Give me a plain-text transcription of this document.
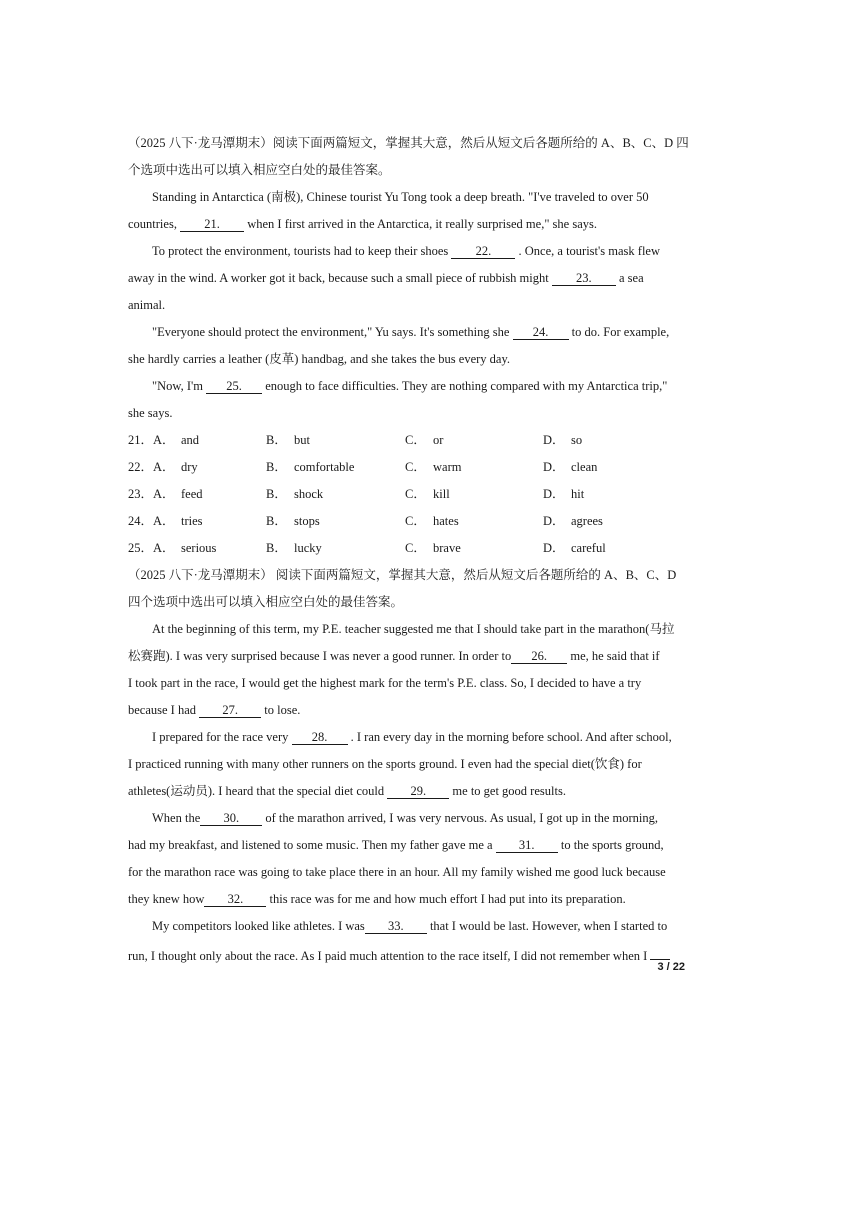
（2025 八下·龙马潭期末）阅读下面两篇短文，掌握其大意，然后从短文后各题所给的 A、B、C、D 四
个选项中选出可以填入相应空白处的最佳答案。
Standing in Antarctica (南极), Chinese tourist Yu Tong took a deep breath. "I've traveled to over 50
countries, 21. when I first arrived in the Antarctica, it really surprised me," she says.
To protect the environment, tourists had to keep their shoes 22. . Once, a tourist's mask flew
away in the wind. A worker got it back, because such a small piece of rubbish might 23. a sea
animal.
"Everyone should protect the environment," Yu says. It's something she 24. to do. For example,
she hardly carries a leather (皮革) handbag, and she takes the bus every day.
"Now, I'm 25. enough to face difficulties. They are nothing compared with my Antarctica trip,"
she says.
21． A． and	B． but	C． or	D． so
22． A． dry	B． comfortable	C． warm	D． clean
23． A． feed	B． shock	C． kill	D． hit
24． A． tries	B． stops	C． hates	D． agrees
25． A． serious	B． lucky	C． brave	D． careful
（2025 八下·龙马潭期末） 阅读下面两篇短文，掌握其大意，然后从短文后各题所给的 A、B、C、D
四个选项中选出可以填入相应空白处的最佳答案。
At the beginning of this term, my P.E. teacher suggested me that I should take part in the marathon(马拉
松赛跑). I was very surprised because I was never a good runner. In order to 26. me, he said that if
I took part in the race, I would get the highest mark for the term's P.E. class. So, I decided to have a try
because I had 27. to lose.
I prepared for the race very 28. . I ran every day in the morning before school. And after school,
I practiced running with many other runners on the sports ground. I even had the special diet(饮食) for
athletes(运动员). I heard that the special diet could 29. me to get good results.
When the 30. of the marathon arrived, I was very nervous. As usual, I got up in the morning,
had my breakfast, and listened to some music. Then my father gave me a 31. to the sports ground,
for the marathon race was going to take place there in an hour. All my family wished me good luck because
they knew how 32. this race was for me and how much effort I had put into its preparation.
My competitors looked like athletes. I was 33. that I would be last. However, when I started to
run, I thought only about the race. As I paid much attention to the race itself, I did not remember when I
3 / 22
